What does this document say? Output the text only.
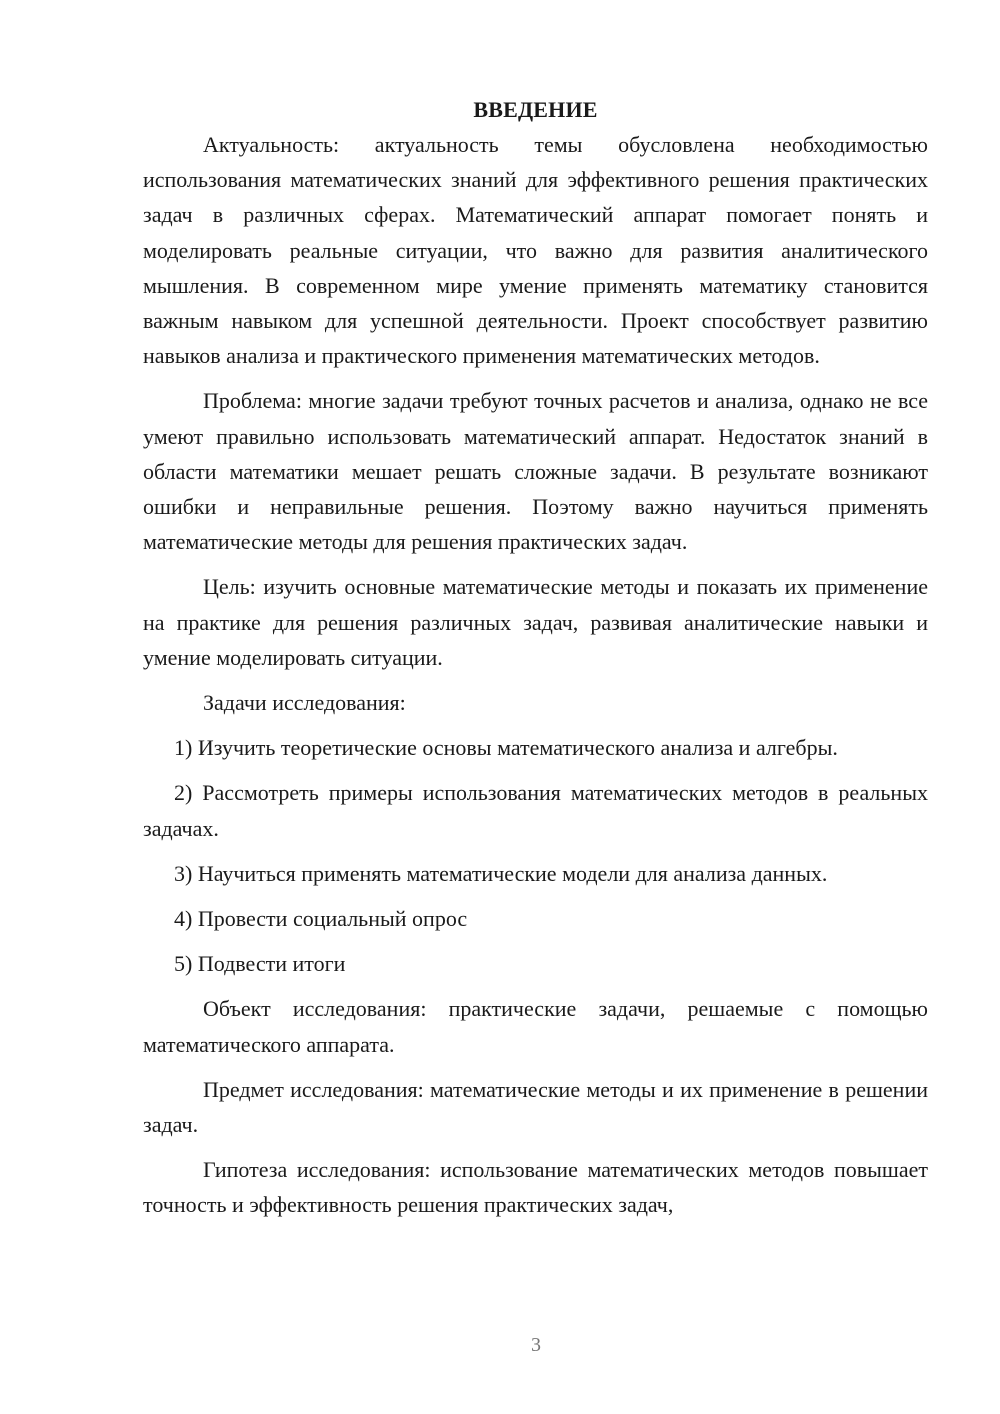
ВВЕДЕНИЕ

Актуальность: актуальность темы обусловлена необходимостью использования математических знаний для эффективного решения практических задач в различных сферах. Математический аппарат помогает понять и моделировать реальные ситуации, что важно для развития аналитического мышления. В современном мире умение применять математику становится важным навыком для успешной деятельности. Проект способствует развитию навыков анализа и практического применения математических методов.

Проблема: многие задачи требуют точных расчетов и анализа, однако не все умеют правильно использовать математический аппарат. Недостаток знаний в области математики мешает решать сложные задачи. В результате возникают ошибки и неправильные решения. Поэтому важно научиться применять математические методы для решения практических задач.

Цель: изучить основные математические методы и показать их применение на практике для решения различных задач, развивая аналитические навыки и умение моделировать ситуации.

Задачи исследования:

1) Изучить теоретические основы математического анализа и алгебры.

2) Рассмотреть примеры использования математических методов в реальных задачах.

3) Научиться применять математические модели для анализа данных.

4) Провести социальный опрос

5) Подвести итоги

Объект исследования: практические задачи, решаемые с помощью математического аппарата.

Предмет исследования: математические методы и их применение в решении задач.

Гипотеза исследования: использование математических методов повышает точность и эффективность решения практических задач,

3
